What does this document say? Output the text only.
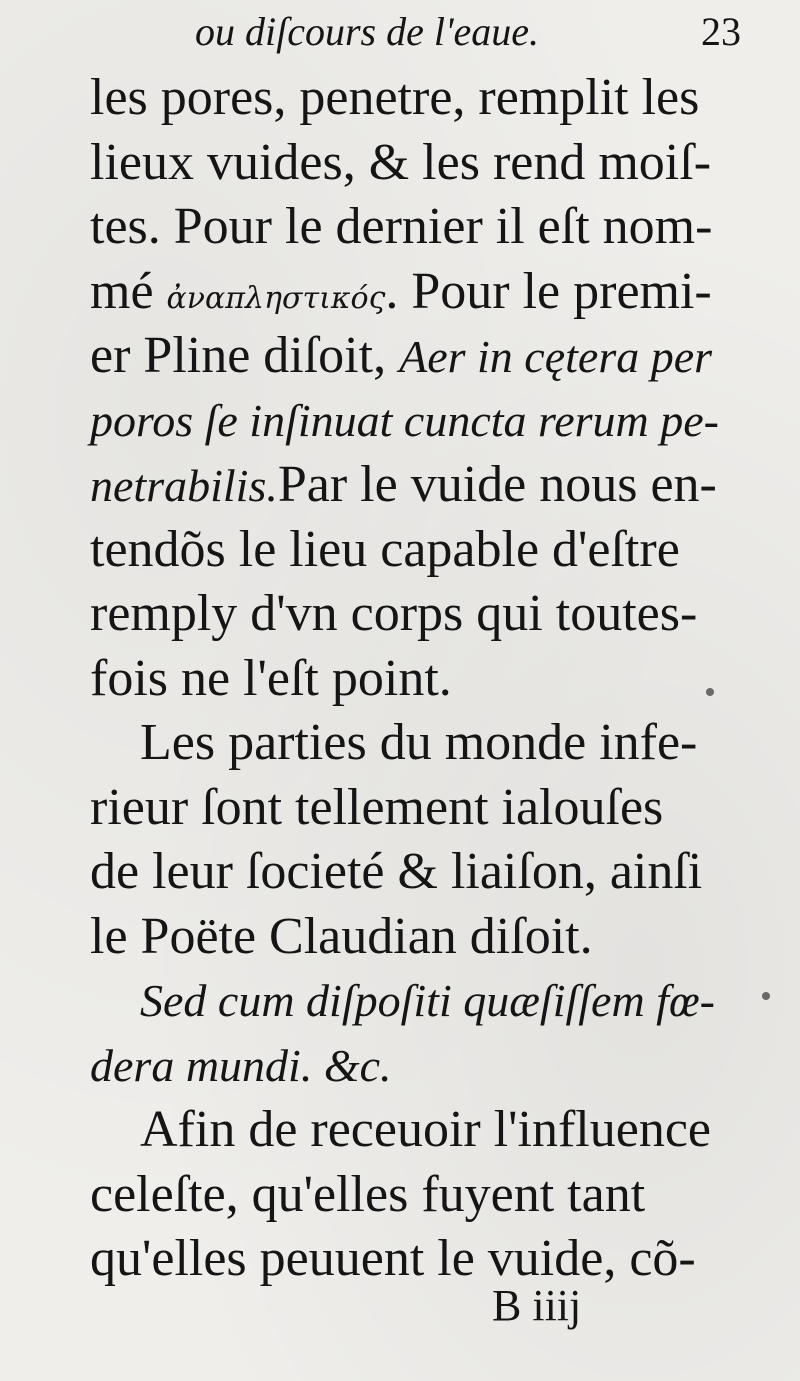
ou diſcours de l'eaue.	23
les pores, penetre, remplit les
lieux vuides, & les rend moiſ-
tes. Pour le dernier il eſt nom-
mé ἀναπληστικός. Pour le premi-
er Pline diſoit, Aer in cętera per
poros ſe inſinuat cuncta rerum pe-
netrabilis.Par le vuide nous en-
tendõs le lieu capable d'eſtre
remply d'vn corps qui toutes-
fois ne l'eſt point.
Les parties du monde infe-
rieur ſont tellement ialouſes
de leur ſocieté & liaiſon, ainſi
le Poëte Claudian diſoit.
Sed cum diſpoſiti quæſiſſem fœ-
dera mundi. &c.
Afin de receuoir l'influence
celeſte, qu'elles fuyent tant
qu'elles peuuent le vuide, cõ-
B iiij
